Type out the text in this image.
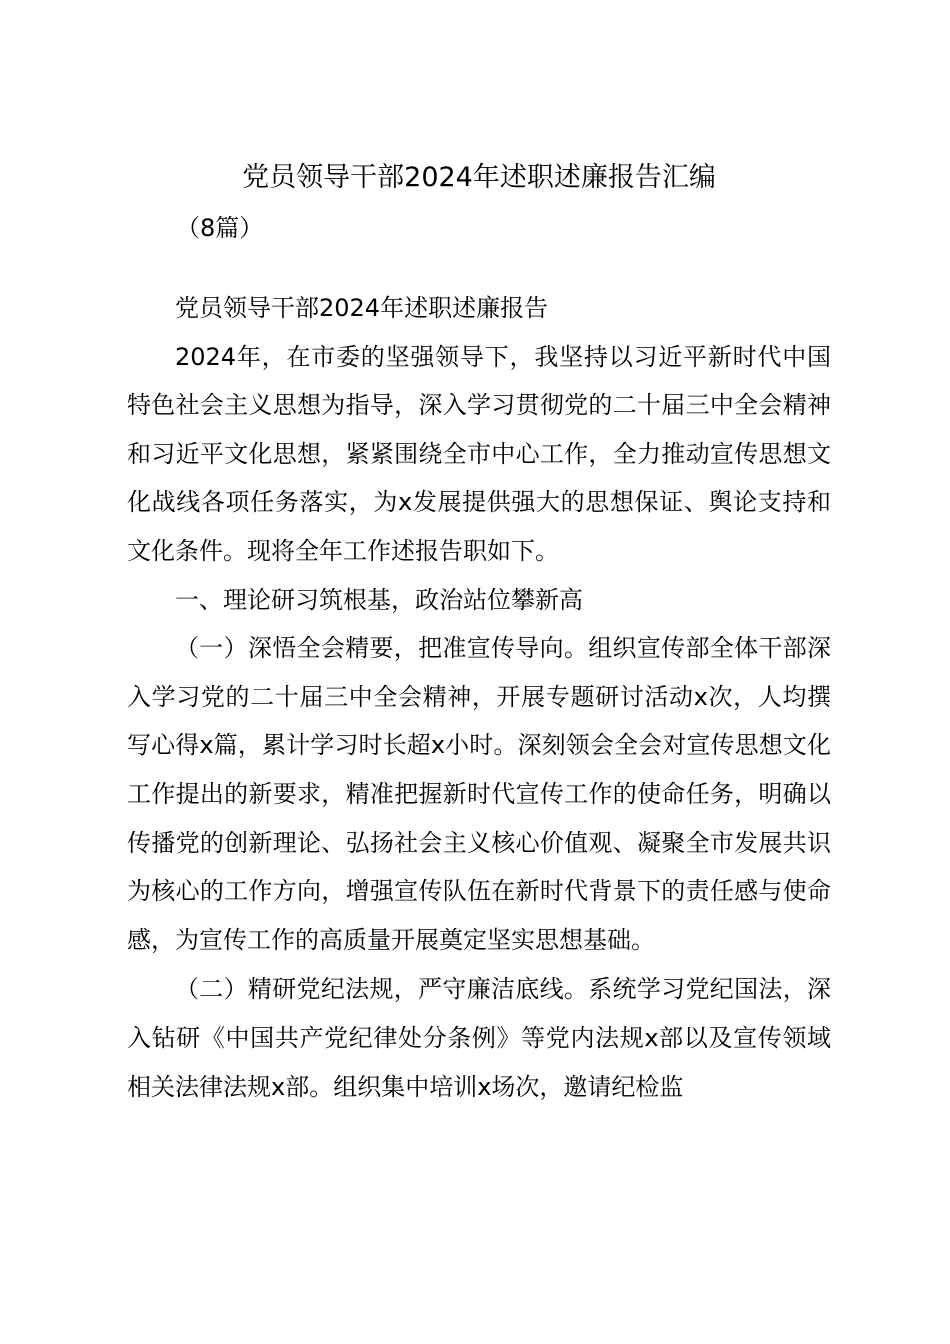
党员领导干部2024年述职述廉报告汇编
（8篇）

党员领导干部2024年述职述廉报告

2024年，在市委的坚强领导下，我坚持以习近平新时代中国特色社会主义思想为指导，深入学习贯彻党的二十届三中全会精神和习近平文化思想，紧紧围绕全市中心工作，全力推动宣传思想文化战线各项任务落实，为x发展提供强大的思想保证、舆论支持和文化条件。现将全年工作述报告职如下。

一、理论研习筑根基，政治站位攀新高

（一）深悟全会精要，把准宣传导向。组织宣传部全体干部深入学习党的二十届三中全会精神，开展专题研讨活动x次，人均撰写心得x篇，累计学习时长超x小时。深刻领会全会对宣传思想文化工作提出的新要求，精准把握新时代宣传工作的使命任务，明确以传播党的创新理论、弘扬社会主义核心价值观、凝聚全市发展共识为核心的工作方向，增强宣传队伍在新时代背景下的责任感与使命感，为宣传工作的高质量开展奠定坚实思想基础。

（二）精研党纪法规，严守廉洁底线。系统学习党纪国法，深入钻研《中国共产党纪律处分条例》等党内法规x部以及宣传领域相关法律法规x部。组织集中培训x场次，邀请纪检监
